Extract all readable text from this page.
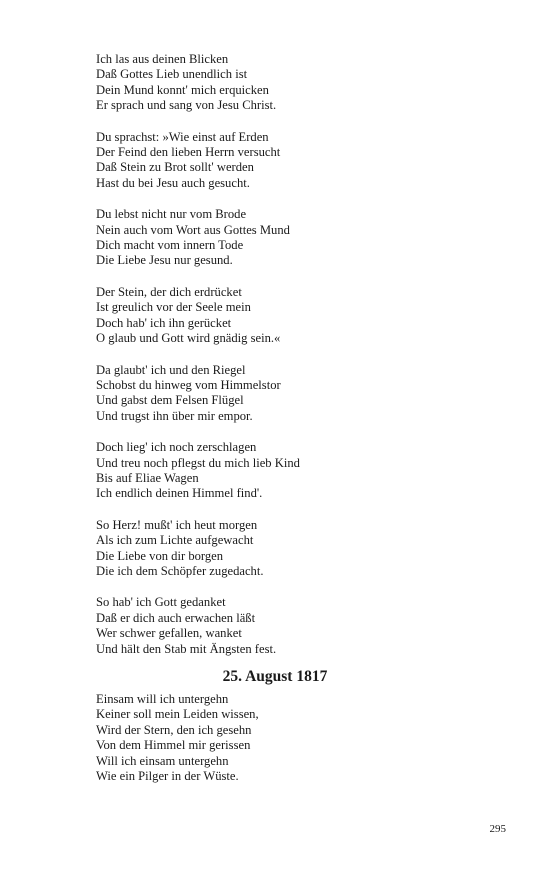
Ich las aus deinen Blicken
Daß Gottes Lieb unendlich ist
Dein Mund konnt' mich erquicken
Er sprach und sang von Jesu Christ.
Du sprachst: »Wie einst auf Erden
Der Feind den lieben Herrn versucht
Daß Stein zu Brot sollt' werden
Hast du bei Jesu auch gesucht.
Du lebst nicht nur vom Brode
Nein auch vom Wort aus Gottes Mund
Dich macht vom innern Tode
Die Liebe Jesu nur gesund.
Der Stein, der dich erdrücket
Ist greulich vor der Seele mein
Doch hab' ich ihn gerücket
O glaub und Gott wird gnädig sein.«
Da glaubt' ich und den Riegel
Schobst du hinweg vom Himmelstor
Und gabst dem Felsen Flügel
Und trugst ihn über mir empor.
Doch lieg' ich noch zerschlagen
Und treu noch pflegst du mich lieb Kind
Bis auf Eliae Wagen
Ich endlich deinen Himmel find'.
So Herz! mußt' ich heut morgen
Als ich zum Lichte aufgewacht
Die Liebe von dir borgen
Die ich dem Schöpfer zugedacht.
So hab' ich Gott gedanket
Daß er dich auch erwachen läßt
Wer schwer gefallen, wanket
Und hält den Stab mit Ängsten fest.
25. August 1817
Einsam will ich untergehn
Keiner soll mein Leiden wissen,
Wird der Stern, den ich gesehn
Von dem Himmel mir gerissen
Will ich einsam untergehn
Wie ein Pilger in der Wüste.
295
